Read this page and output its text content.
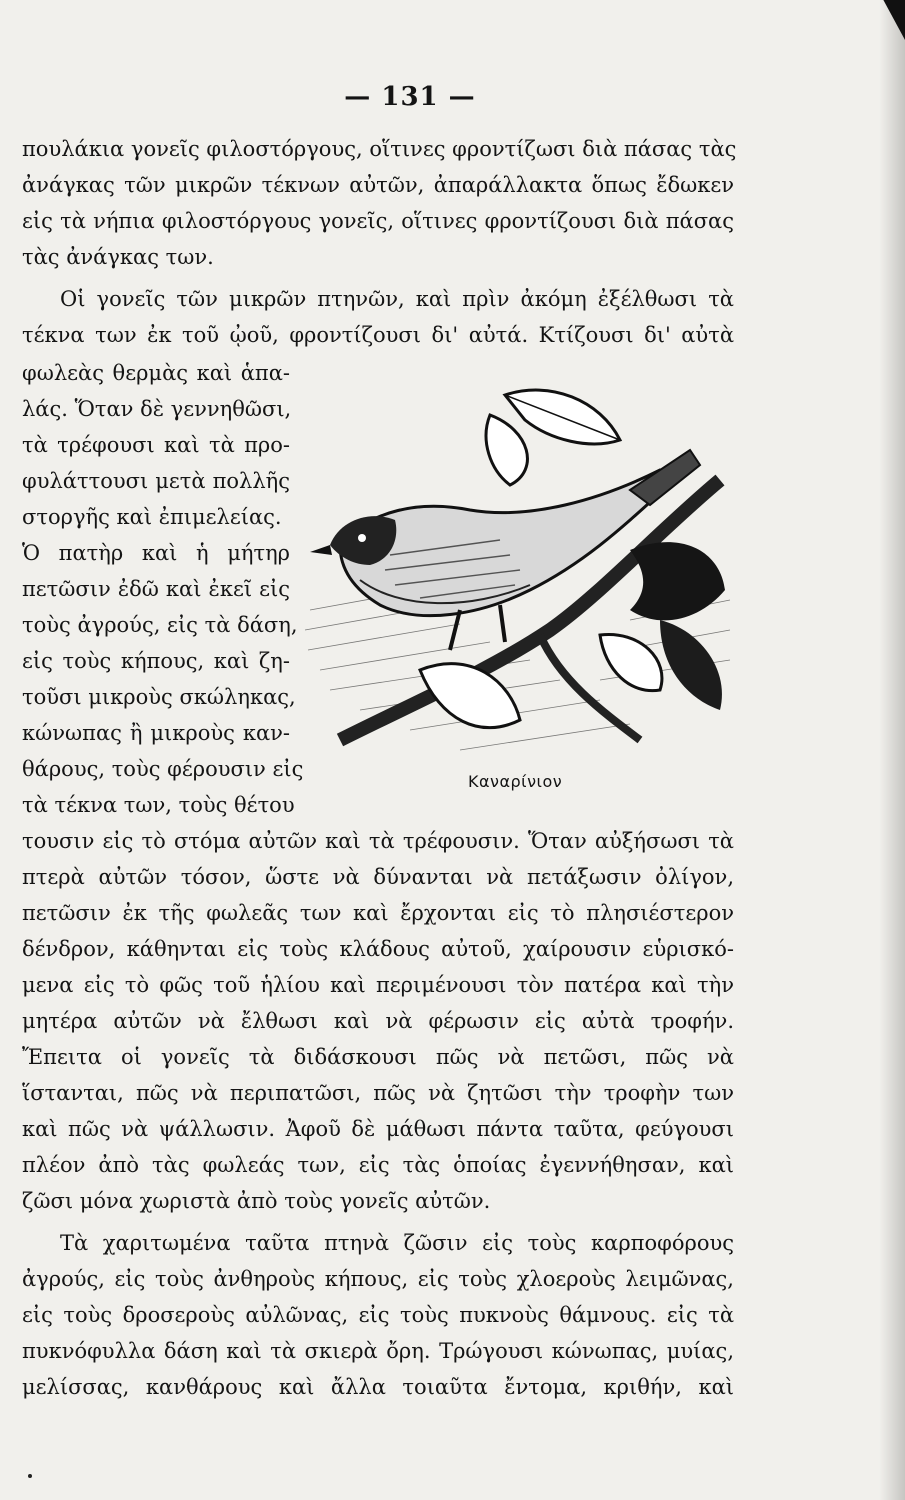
— 131 —
πουλάκια γονεῖς φιλοστόργους, οἵτινες φροντίζωσι διὰ πάσας τὰς
ἀνάγκας τῶν μικρῶν τέκνων αὐτῶν, ἀπαράλλακτα ὅπως ἔδωκεν
εἰς τὰ νήπια φιλοστόργους γονεῖς, οἵτινες φροντίζουσι διὰ πάσας
τὰς ἀνάγκας των.
Οἱ γονεῖς τῶν μικρῶν πτηνῶν, καὶ πρὶν ἀκόμη ἐξέλθωσι τὰ
τέκνα των ἐκ τοῦ ᾠοῦ, φροντίζουσι δι' αὐτά. Κτίζουσι δι' αὐτὰ
φωλεὰς θερμὰς καὶ ἁπα-
λάς. Ὅταν δὲ γεννηθῶσι,
τὰ τρέφουσι καὶ τὰ προ-
φυλάττουσι μετὰ πολλῆς
στοργῆς καὶ ἐπιμελείας.
Ὁ πατὴρ καὶ ἡ μήτηρ
πετῶσιν ἐδῶ καὶ ἐκεῖ εἰς
τοὺς ἀγρούς, εἰς τὰ δάση,
εἰς τοὺς κήπους, καὶ ζη-
τοῦσι μικροὺς σκώληκας,
κώνωπας ἢ μικροὺς καν-
θάρους, τοὺς φέρουσιν εἰς
τὰ τέκνα των, τοὺς θέτου
Καναρίνιον
τουσιν εἰς τὸ στόμα αὐτῶν καὶ τὰ τρέφουσιν. Ὅταν αὐξήσωσι τὰ
πτερὰ αὐτῶν τόσον, ὥστε νὰ δύνανται νὰ πετάξωσιν ὀλίγον,
πετῶσιν ἐκ τῆς φωλεᾶς των καὶ ἔρχονται εἰς τὸ πλησιέστερον
δένδρον, κάθηνται εἰς τοὺς κλάδους αὐτοῦ, χαίρουσιν εὑρισκό-
μενα εἰς τὸ φῶς τοῦ ἡλίου καὶ περιμένουσι τὸν πατέρα καὶ τὴν
μητέρα αὐτῶν νὰ ἔλθωσι καὶ νὰ φέρωσιν εἰς αὐτὰ τροφήν.
Ἔπειτα οἱ γονεῖς τὰ διδάσκουσι πῶς νὰ πετῶσι, πῶς νὰ
ἵστανται, πῶς νὰ περιπατῶσι, πῶς νὰ ζητῶσι τὴν τροφὴν των
καὶ πῶς νὰ ψάλλωσιν. Ἀφοῦ δὲ μάθωσι πάντα ταῦτα, φεύγουσι
πλέον ἀπὸ τὰς φωλεάς των, εἰς τὰς ὁποίας ἐγεννήθησαν, καὶ
ζῶσι μόνα χωριστὰ ἀπὸ τοὺς γονεῖς αὐτῶν.
Τὰ χαριτωμένα ταῦτα πτηνὰ ζῶσιν εἰς τοὺς καρποφόρους
ἀγρούς, εἰς τοὺς ἀνθηροὺς κήπους, εἰς τοὺς χλοεροὺς λειμῶνας,
εἰς τοὺς δροσεροὺς αὐλῶνας, εἰς τοὺς πυκνοὺς θάμνους. εἰς τὰ
πυκνόφυλλα δάση καὶ τὰ σκιερὰ ὄρη. Τρώγουσι κώνωπας, μυίας,
μελίσσας, κανθάρους καὶ ἄλλα τοιαῦτα ἔντομα, κριθήν, καὶ
